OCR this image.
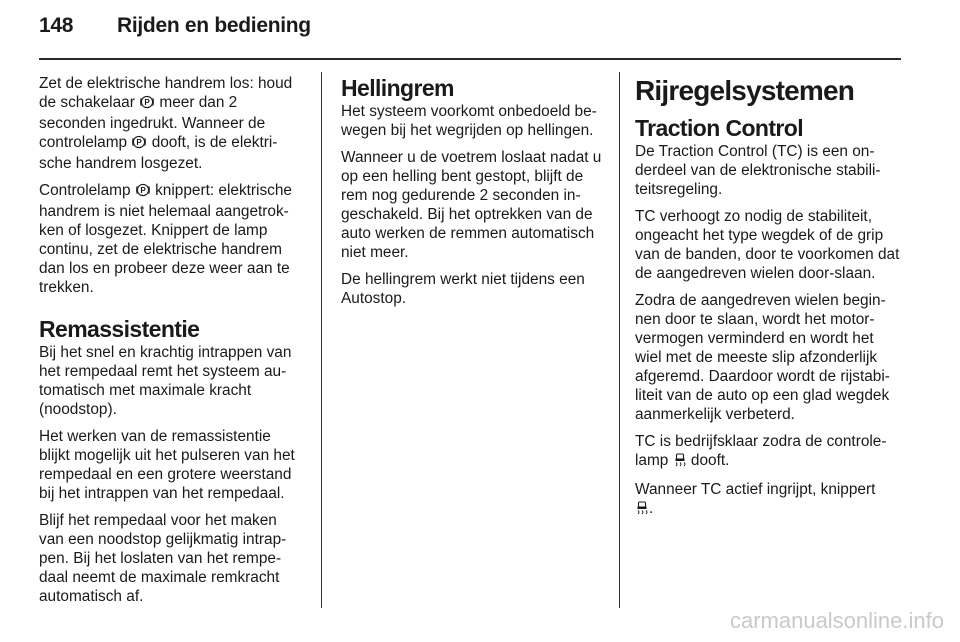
148 Rijden en bediening

Zet de elektrische handrem los: houd de schakelaar P meer dan 2 seconden ingedrukt. Wanneer de controlelamp P dooft, is de elektri-sche handrem losgezet.

Controlelamp P knippert: elektrische handrem is niet helemaal aangetrok-ken of losgezet. Knippert de lamp continu, zet de elektrische handrem dan los en probeer deze weer aan te trekken.

Remassistentie

Bij het snel en krachtig intrappen van het rempedaal remt het systeem au-tomatisch met maximale kracht (noodstop).

Het werken van de remassistentie blijkt mogelijk uit het pulseren van het rempedaal en een grotere weerstand bij het intrappen van het rempedaal.

Blijf het rempedaal voor het maken van een noodstop gelijkmatig intrap-pen. Bij het loslaten van het rempe-daal neemt de maximale remkracht automatisch af.

Hellingrem

Het systeem voorkomt onbedoeld be-wegen bij het wegrijden op hellingen.

Wanneer u de voetrem loslaat nadat u op een helling bent gestopt, blijft de rem nog gedurende 2 seconden in-geschakeld. Bij het optrekken van de auto werken de remmen automatisch niet meer.

De hellingrem werkt niet tijdens een Autostop.

Rijregelsystemen
Traction Control

De Traction Control (TC) is een on-derdeel van de elektronische stabili-teitsregeling.

TC verhoogt zo nodig de stabiliteit, ongeacht het type wegdek of de grip van de banden, door te voorkomen dat de aangedreven wielen door-slaan.

Zodra de aangedreven wielen begin-nen door te slaan, wordt het motor-vermogen verminderd en wordt het wiel met de meeste slip afzonderlijk afgeremd. Daardoor wordt de rijstabi-liteit van de auto op een glad wegdek aanmerkelijk verbeterd.

TC is bedrijfsklaar zodra de controle-lamp dooft.

Wanneer TC actief ingrijpt, knippert
.

carmanualsonline.info
